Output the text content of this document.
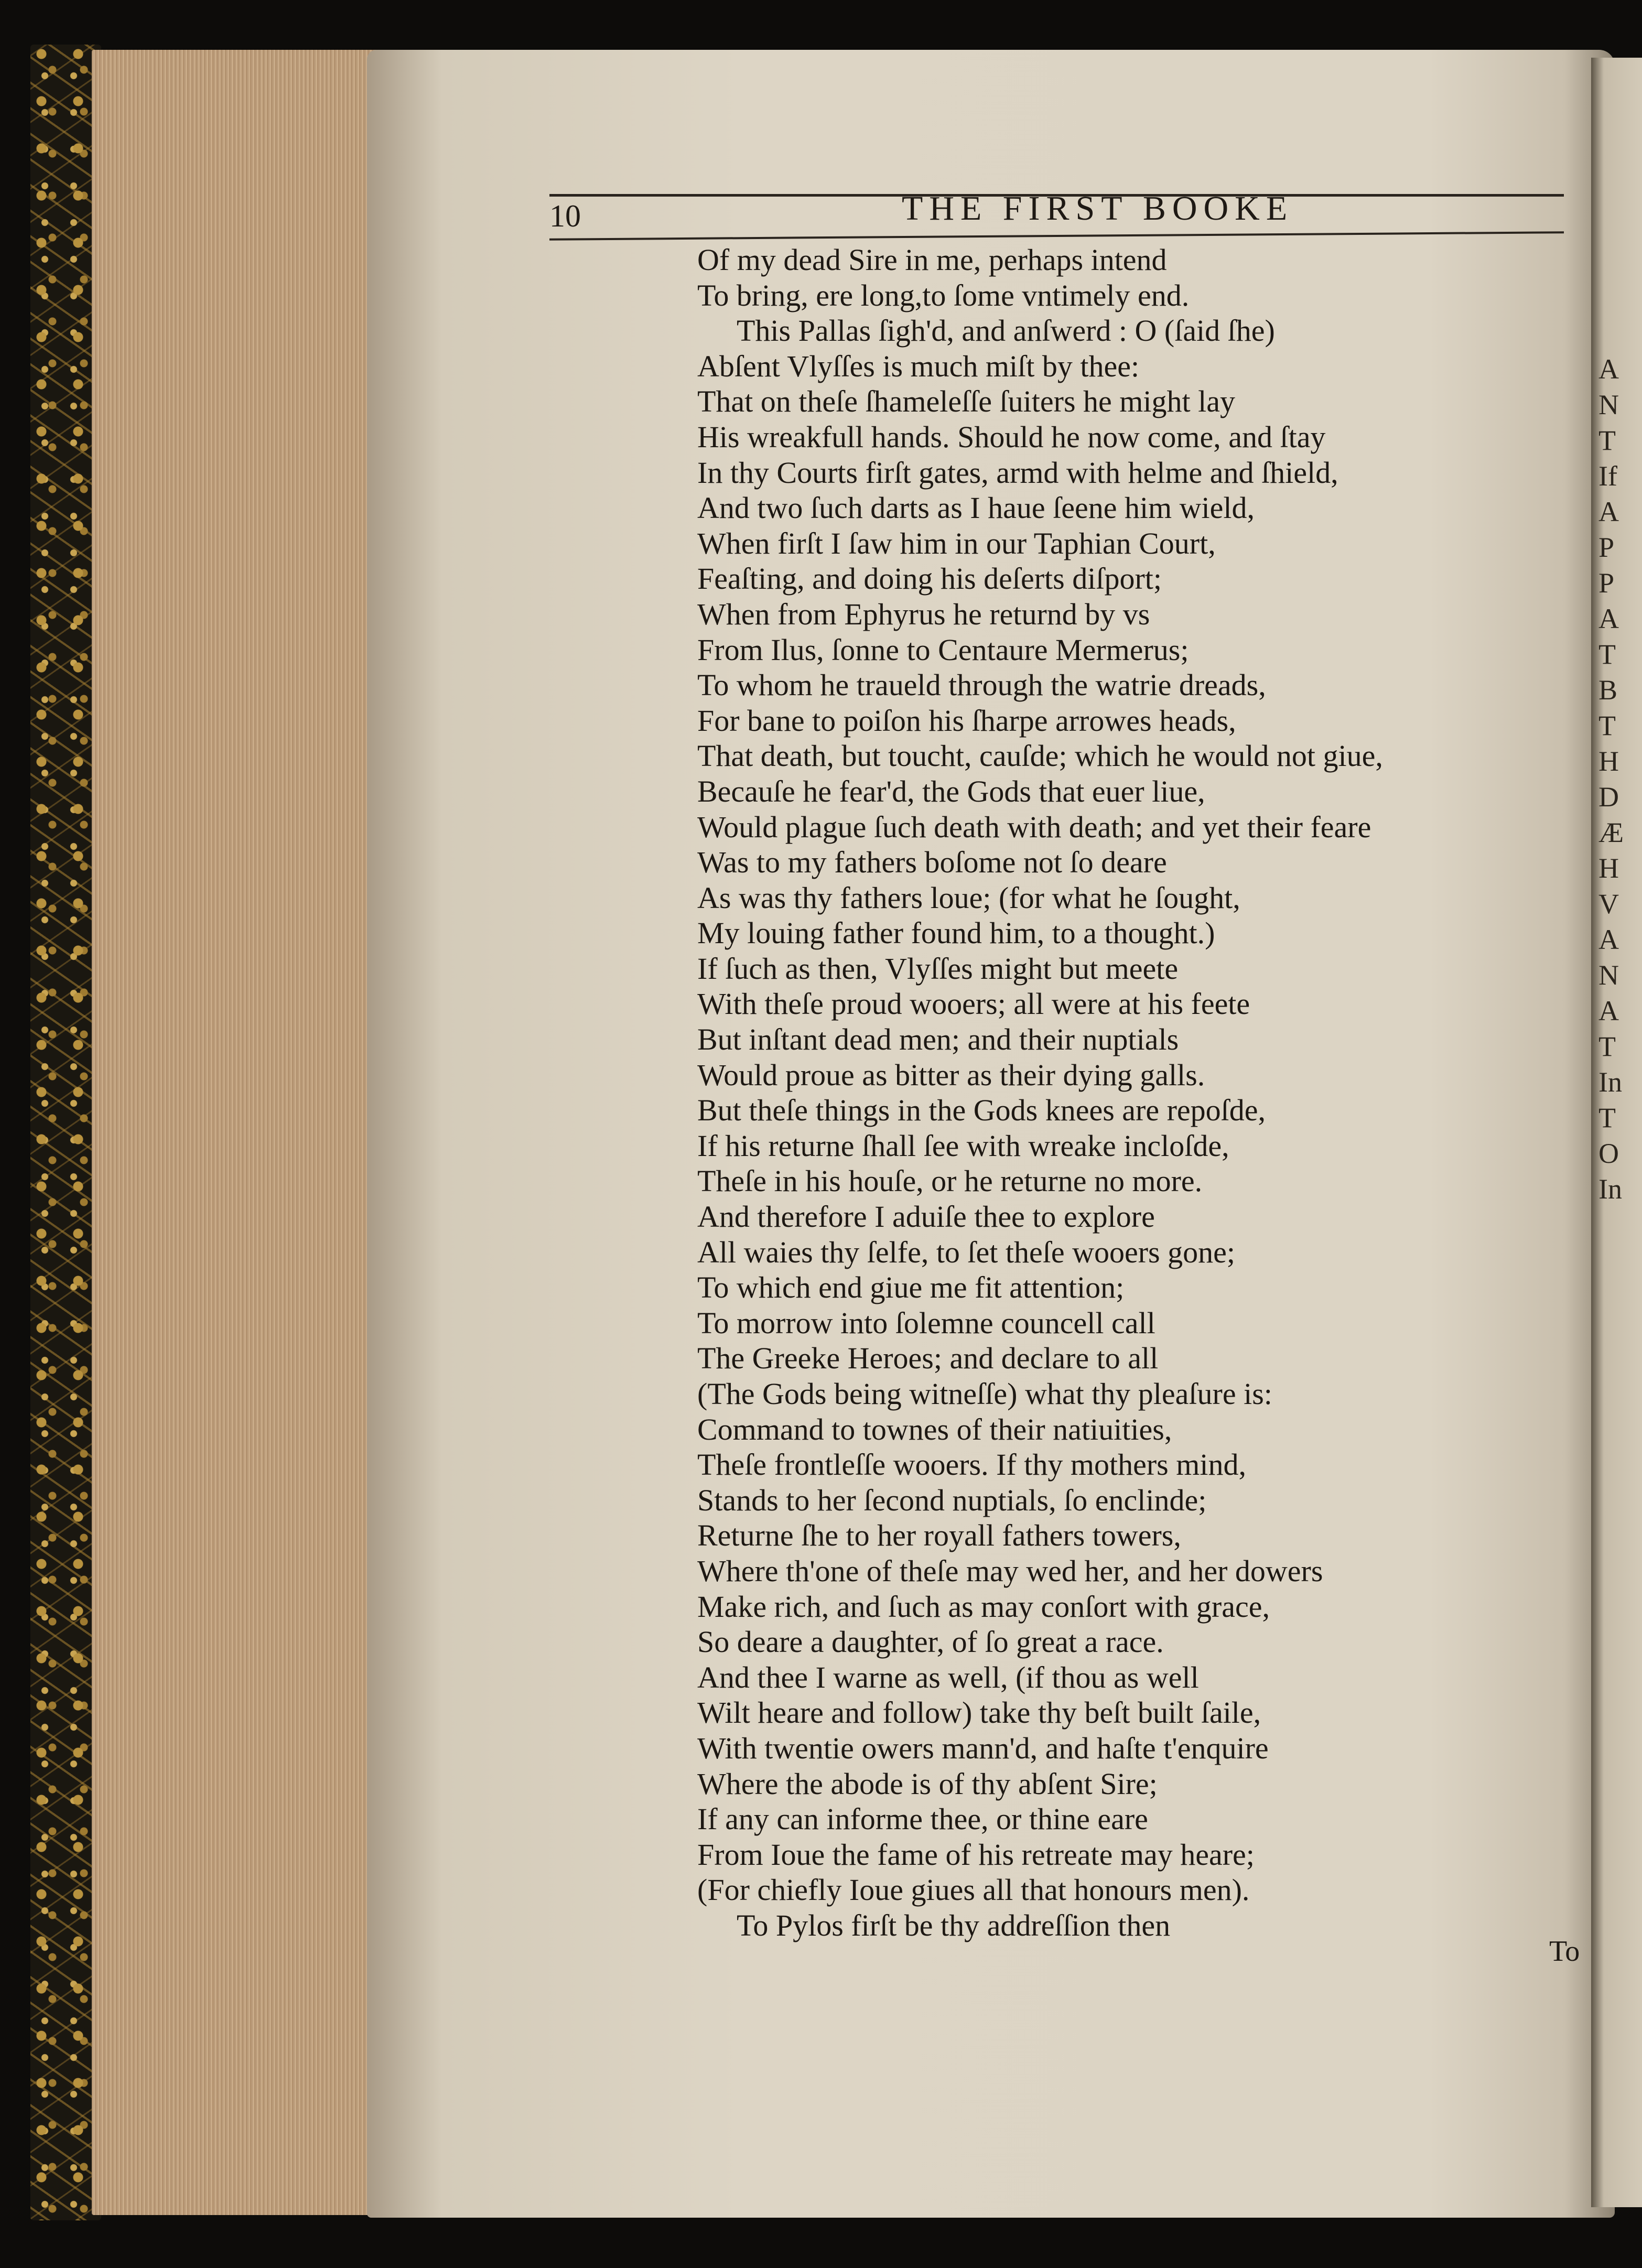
A
N
T
If
A
P
P
A
T
B
T
H
D
Æ
H
V
A
N
A
T
In
T
O
In
10	THE FIRST BOOKE
Of my dead Sire in me, perhaps intend
To bring, ere long,to ſome vntimely end.
This Pallas ſigh'd, and anſwerd : O (ſaid ſhe)
Abſent Vlyſſes is much miſt by thee:
That on theſe ſhameleſſe ſuiters he might lay
His wreakfull hands. Should he now come, and ſtay
In thy Courts firſt gates, armd with helme and ſhield,
And two ſuch darts as I haue ſeene him wield,
When firſt I ſaw him in our Taphian Court,
Feaſting, and doing his deſerts diſport;
When from Ephyrus he returnd by vs
From Ilus, ſonne to Centaure Mermerus;
To whom he traueld through the watrie dreads,
For bane to poiſon his ſharpe arrowes heads,
That death, but toucht, cauſde; which he would not giue,
Becauſe he fear'd, the Gods that euer liue,
Would plague ſuch death with death; and yet their feare
Was to my fathers boſome not ſo deare
As was thy fathers loue; (for what he ſought,
My louing father found him, to a thought.)
If ſuch as then, Vlyſſes might but meete
With theſe proud wooers; all were at his feete
But inſtant dead men; and their nuptials
Would proue as bitter as their dying galls.
But theſe things in the Gods knees are repoſde,
If his returne ſhall ſee with wreake incloſde,
Theſe in his houſe, or he returne no more.
And therefore I aduiſe thee to explore
All waies thy ſelfe, to ſet theſe wooers gone;
To which end giue me fit attention;
To morrow into ſolemne councell call
The Greeke Heroes; and declare to all
(The Gods being witneſſe) what thy pleaſure is:
Command to townes of their natiuities,
Theſe frontleſſe wooers. If thy mothers mind,
Stands to her ſecond nuptials, ſo enclinde;
Returne ſhe to her royall fathers towers,
Where th'one of theſe may wed her, and her dowers
Make rich, and ſuch as may conſort with grace,
So deare a daughter, of ſo great a race.
And thee I warne as well, (if thou as well
Wilt heare and follow) take thy beſt built ſaile,
With twentie owers mann'd, and haſte t'enquire
Where the abode is of thy abſent Sire;
If any can informe thee, or thine eare
From Ioue the fame of his retreate may heare;
(For chiefly Ioue giues all that honours men).
To Pylos firſt be thy addreſſion then
To
